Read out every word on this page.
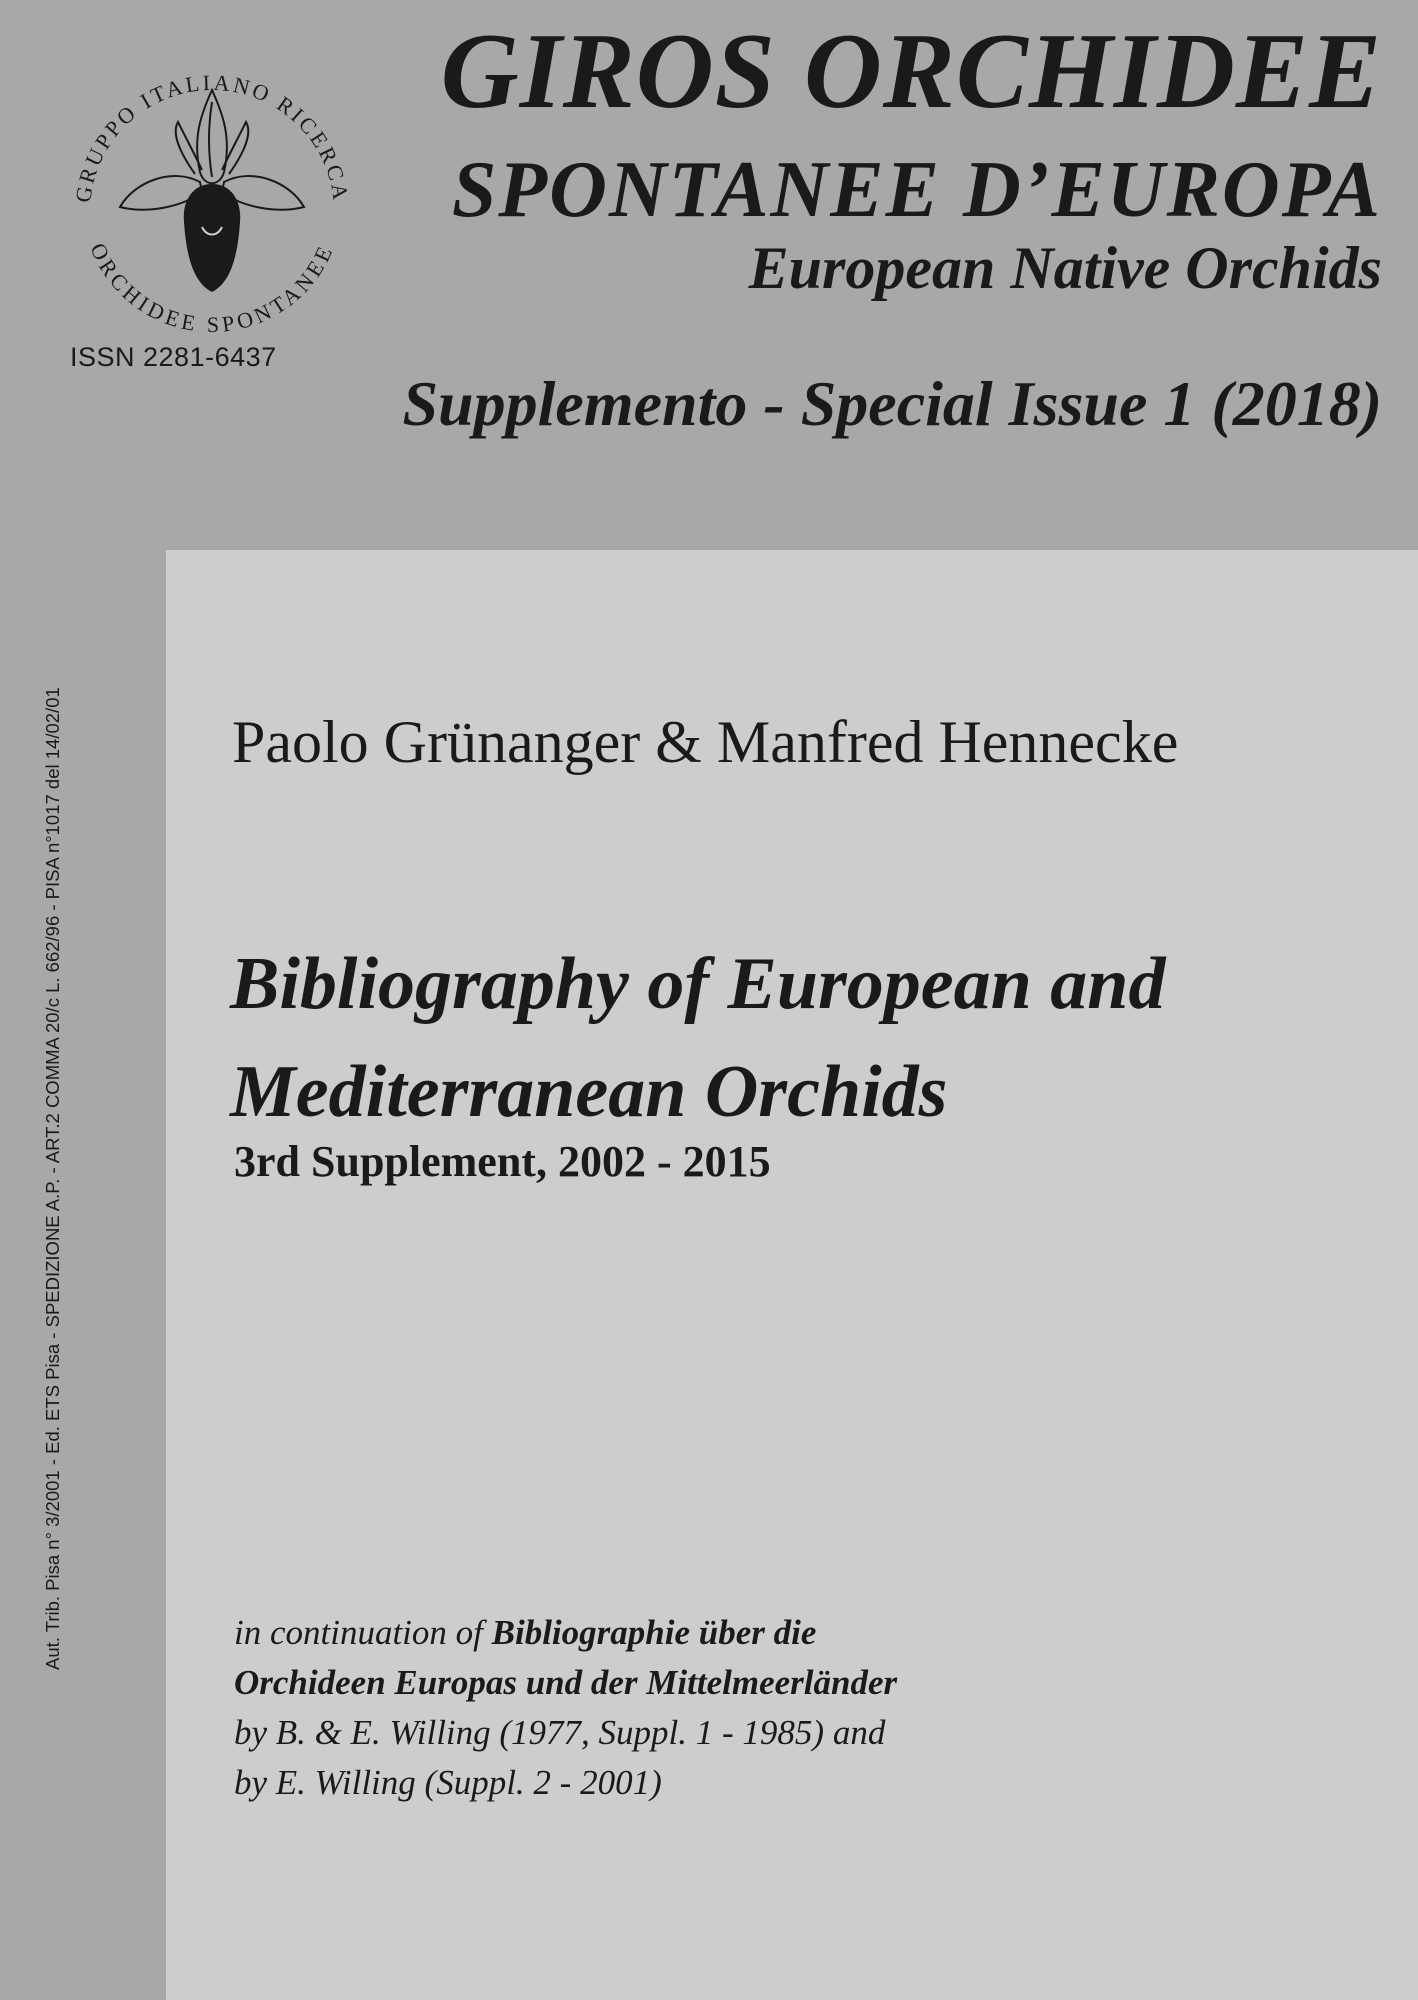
GRUPPO ITALIANO RICERCA
ORCHIDEE SPONTANEE
ISSN 2281-6437
GIROS ORCHIDEE
SPONTANEE D’EUROPA
European Native Orchids
Supplemento - Special Issue 1 (2018)
Aut. Trib. Pisa n° 3/2001 - Ed. ETS Pisa - SPEDIZIONE A.P. - ART.2 COMMA 20/c L. 662/96 - PISA n°1017 del 14/02/01	Paolo Grünanger & Manfred Hennecke
Bibliography of European and
Mediterranean Orchids
3rd Supplement, 2002 - 2015
in continuation of Bibliographie über die
Orchideen Europas und der Mittelmeerländer
by B. & E. Willing (1977, Suppl. 1 - 1985) and
by E. Willing (Suppl. 2 - 2001)
